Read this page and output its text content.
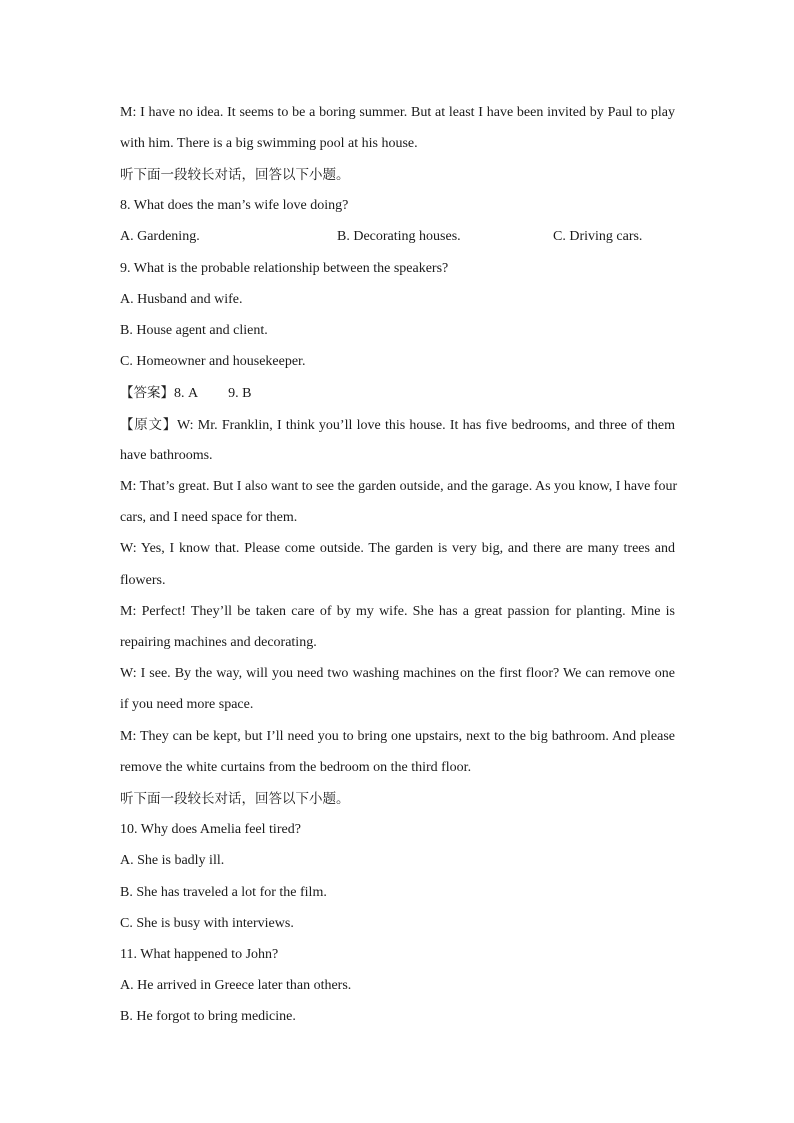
M: I have no idea. It seems to be a boring summer. But at least I have been invited by Paul to play
with him. There is a big swimming pool at his house.
听下面一段较长对话，回答以下小题。
8. What does the man’s wife love doing?
A. Gardening.	B. Decorating houses.	C. Driving cars.
9. What is the probable relationship between the speakers?
A. Husband and wife.
B. House agent and client.
C. Homeowner and housekeeper.
【答案】8. A 9. B
【原文】W: Mr. Franklin, I think you’ll love this house. It has five bedrooms, and three of them
have bathrooms.
M: That’s great. But I also want to see the garden outside, and the garage. As you know, I have four
cars, and I need space for them.
W: Yes, I know that. Please come outside. The garden is very big, and there are many trees and
flowers.
M: Perfect! They’ll be taken care of by my wife. She has a great passion for planting. Mine is
repairing machines and decorating.
W: I see. By the way, will you need two washing machines on the first floor? We can remove one
if you need more space.
M: They can be kept, but I’ll need you to bring one upstairs, next to the big bathroom. And please
remove the white curtains from the bedroom on the third floor.
听下面一段较长对话，回答以下小题。
10. Why does Amelia feel tired?
A. She is badly ill.
B. She has traveled a lot for the film.
C. She is busy with interviews.
11. What happened to John?
A. He arrived in Greece later than others.
B. He forgot to bring medicine.
